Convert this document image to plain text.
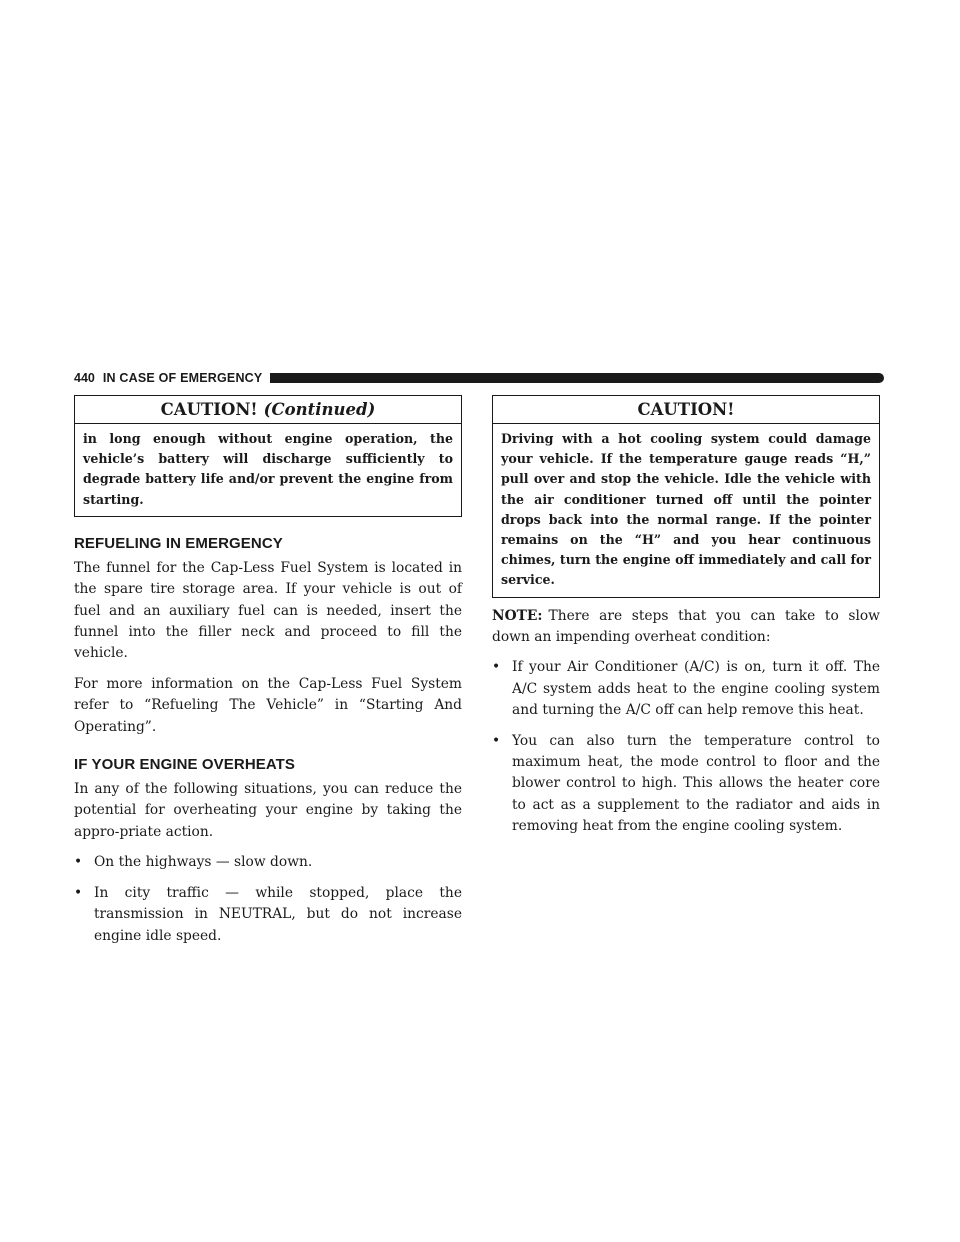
440 IN CASE OF EMERGENCY
CAUTION! (Continued)
in long enough without engine operation, the vehicle’s battery will discharge sufficiently to degrade battery life and/or prevent the engine from starting.
REFUELING IN EMERGENCY

The funnel for the Cap-Less Fuel System is located in the spare tire storage area. If your vehicle is out of fuel and an auxiliary fuel can is needed, insert the funnel into the filler neck and proceed to fill the vehicle.

For more information on the Cap-Less Fuel System refer to “Refueling The Vehicle” in “Starting And Operating”.

IF YOUR ENGINE OVERHEATS

In any of the following situations, you can reduce the potential for overheating your engine by taking the appro-priate action.

• On the highways — slow down.
• In city traffic — while stopped, place the transmission in NEUTRAL, but do not increase engine idle speed.
CAUTION!
Driving with a hot cooling system could damage your vehicle. If the temperature gauge reads “H,” pull over and stop the vehicle. Idle the vehicle with the air conditioner turned off until the pointer drops back into the normal range. If the pointer remains on the “H” and you hear continuous chimes, turn the engine off immediately and call for service.

NOTE: There are steps that you can take to slow down an impending overheat condition:

• If your Air Conditioner (A/C) is on, turn it off. The A/C system adds heat to the engine cooling system and turning the A/C off can help remove this heat.
• You can also turn the temperature control to maximum heat, the mode control to floor and the blower control to high. This allows the heater core to act as a supplement to the radiator and aids in removing heat from the engine cooling system.
